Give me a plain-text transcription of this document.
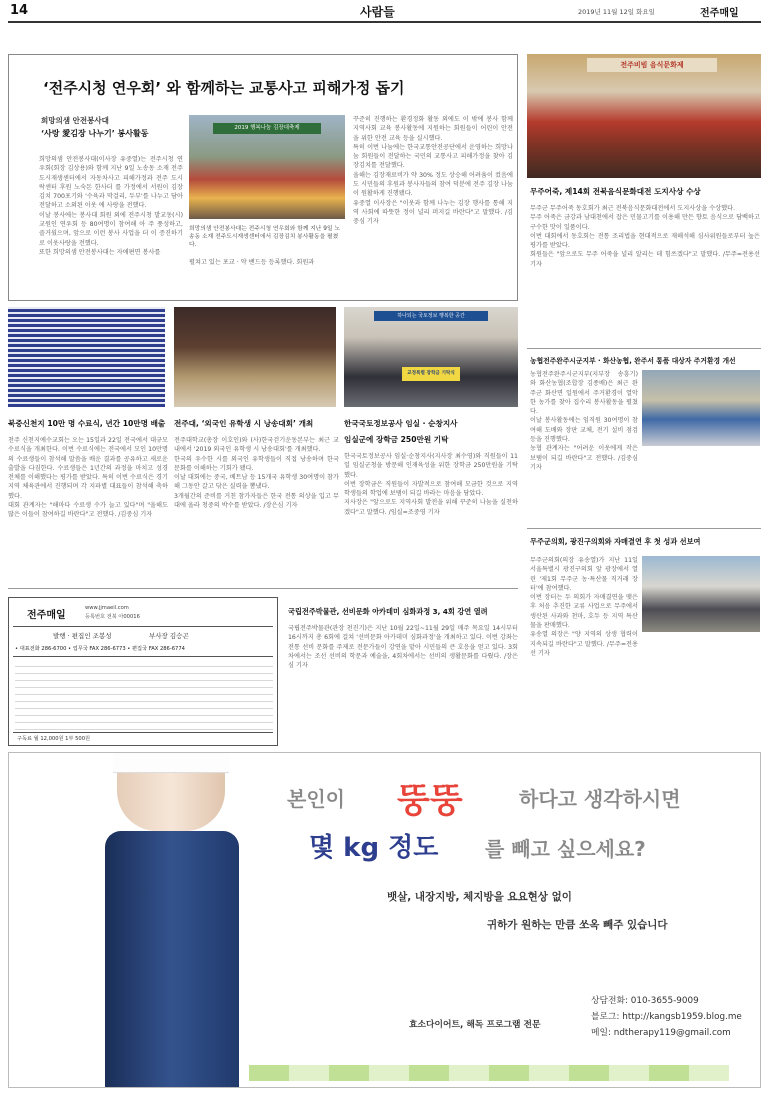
14	사람들	2019년 11월 12일 화요일	전주매일
‘전주시청 연우회’ 와 함께하는 교통사고 피해가정 돕기
희망의샘 안전봉사대
‘사랑 愛김장 나누기’ 봉사활동
희망의샘 안전봉사대(이사장 유중열)는 전주시청 연우회(회장 김상용)와 함께 지난 9일 노송동 소재 전주도시재생센터에서 자동차사고 피해가정과 전주 도시락센터 후원 노숙돈 한사더 를 가정에서 서원이 김장김치 700포기와 '수육과 막걸리, 두부'를 나누고 담아 전달하고 소외된 이웃 에 사랑을 전했다.
이날 봉사에는 봉사대 회원 외에 전주시청 발교동(시) 교원인 연우회 등 80여명이 참여해 아 주 풍성하고, 즐거웠으며, 앞으로 이런 봉사 사업을 더 이 증진하기로 이웃사랑을 전했다.
또한 희망의샘 안전봉사대는 자애편면 봉사를
2019 행복나눔 김장대축제
희망의샘 안전봉사대는 전주시청 연우회와 함께 지난 9일 노송동 소재 전주도시재생센터에서 김장김치 봉사활동을 펼쳤다.
펼쳐고 있는 포교 · 약 밴드등 등록했다. 회원과
꾸준히 진행하는 환경정화 활동 외에도 이 밖에 봉사 함께 지역사회 교육 봉사활동에 지원하는 회원들이 어린이 안전을 위한 안전 교육 등을 실시했다.
특히 이번 나눔에는 한국교통안전공단에서 운영하는 희망나눔 회원들이 전달하는 국민의 교통사고 피해가정을 찾아 김장김치를 전달했다.
올해는 김장재료비가 약 30% 정도 상승해 어려움이 컸음에도 시민들의 후원과 봉사자들의 참여 덕분에 전주 김장 나눔이 원활하게 진행됐다.
유중열 이사장은 "이웃과 함께 나누는 김장 행사를 통해 지역 사회에 따뜻한 정이 널리 퍼지길 바란다"고 말했다. /김중심 기자
전주비빔 음식문화제
무주어죽, 제14회 전북음식문화대전 도지사상 수상
무주군 무주어죽 동호회가 최근 전북음식문화대전에서 도지사상을 수상했다.
무주 어죽은 금강과 남대천에서 잡은 민물고기를 이용해 만든 향토 음식으로 담백하고 구수한 맛이 일품이다.
이번 대회에서 동호회는 전통 조리법을 현대적으로 재해석해 심사위원들로부터 높은 평가를 받았다.
회원들은 "앞으로도 무주 어죽을 널리 알리는 데 힘쓰겠다"고 말했다. /무주=전용선 기자
농협전주완주시군지부 · 화산농협, 완주서 통품 대상자 주거환경 개선
농협전주완주시군지부(지부장 송흥기)와 화산농협(조합장 김종배)은 최근 완주군 화산면 일원에서 주거환경이 열악한 농가를 찾아 집수리 봉사활동을 펼쳤다.
이날 봉사활동에는 임직원 30여명이 참여해 도배와 장판 교체, 전기 설비 점검 등을 진행했다.
농협 관계자는 "어려운 이웃에게 작은 보탬이 되길 바란다"고 전했다. /김중심 기자
무주군의회, 광진구의회와 자매결연 후 첫 성과 선보여
무주군의회(의장 유송열)가 지난 11일 서울특별시 광진구의회 앞 광장에서 열린 '제1회 무주군 농·특산물 직거래 장터'에 참여했다.
이번 장터는 두 의회가 자매결연을 맺은 후 처음 추진한 교류 사업으로 무주에서 생산된 사과와 천마, 호두 등 지역 특산물을 판매했다.
유송열 의장은 "양 지역의 상생 협력이 지속되길 바란다"고 말했다. /무주=전용선 기자
북중신천지 10만 명 수료식, 년간 10만명 배출
천주 신천지예수교회는 오는 15일과 22일 전국에서 대규모 수료식을 개최한다. 이번 수료식에는 전국에서 모인 10만명의 수료생들이 참석해 말씀을 배운 결과를 공유하고 새로운 출발을 다짐한다. 수료생들은 1년간의 과정을 마치고 성경 전체를 이해했다는 평가를 받았다. 특히 이번 수료식은 경기 지역 체육관에서 진행되며 각 지파별 대표들이 참석해 축하했다.
대회 관계자는 "해마다 수료생 수가 늘고 있다"며 "올해도 많은 이들이 참여하길 바란다"고 전했다. /김중심 기자
전주대, ‘외국인 유학생 시 낭송대회’ 개최
전주대학교(총장 이호인)와 (사)한국걷기운동본부는 최근 교내에서 '2019 외국인 유학생 시 낭송대회'를 개최했다.
한국의 우수한 시를 외국인 유학생들이 직접 낭송하며 한국 문화를 이해하는 기회가 됐다.
이날 대회에는 중국, 베트남 등 15개국 유학생 30여명이 참가해 그동안 갈고 닦은 실력을 뽐냈다.
3개월간의 준비를 거친 참가자들은 한국 전통 의상을 입고 무대에 올라 청중의 박수를 받았다. /장은심 기자
하나되는 국토정보 행복한 공간
교정특별 장학금 기탁식
한국국토정보공사 임실 · 순창지사
임실군에 장학금 250만원 기탁
한국국토정보공사 임실·순창지사(지사장 최수영)와 직원들이 11일 임실군청을 방문해 인재육성을 위한 장학금 250만원을 기탁했다.
이번 장학금은 직원들이 자발적으로 참여해 모금한 것으로 지역 학생들의 학업에 보탬이 되길 바라는 마음을 담았다.
지사장은 "앞으로도 지역사회 발전을 위해 꾸준히 나눔을 실천하겠다"고 말했다. /임실=조중영 기자
전주매일
www.jjmaeil.com
등록번호 전북 아00016
발행 · 편집인 조봉성	부사장 김승곤
• 대표전화 286-6700 • 업무국 FAX 286-6773 • 편집국 FAX 286-6774
구독료 월 12,000원 1부 500원
국립전주박물관, 선비문화 아카데미 심화과정 3, 4회 강연 열려
국립전주박물관(관장 천진기)은 지난 10월 22일~11월 29일 매주 목요일 14시부터 16시까지 총 6회에 걸쳐 '선비문화 아카데미 심화과정'을 개최하고 있다. 이번 강좌는 전통 선비 문화를 주제로 전문가들이 강연을 맡아 시민들의 큰 호응을 얻고 있다. 3회차에서는 조선 선비의 학문과 예술을, 4회차에서는 선비의 생활문화를 다뤘다. /장은심 기자
본인이 뚱뚱	하다고 생각하시면
몇 kg 정도 를 빼고 싶으세요?
뱃살, 내장지방, 체지방을 요요현상 없이
귀하가 원하는 만큼 쏘옥 빼주 있습니다
효소다이어트, 해독 프로그램 전문
상담전화: 010-3655-9009
블로그: http://kangsb1959.blog.me
메일: ndtherapy119@gmail.com
